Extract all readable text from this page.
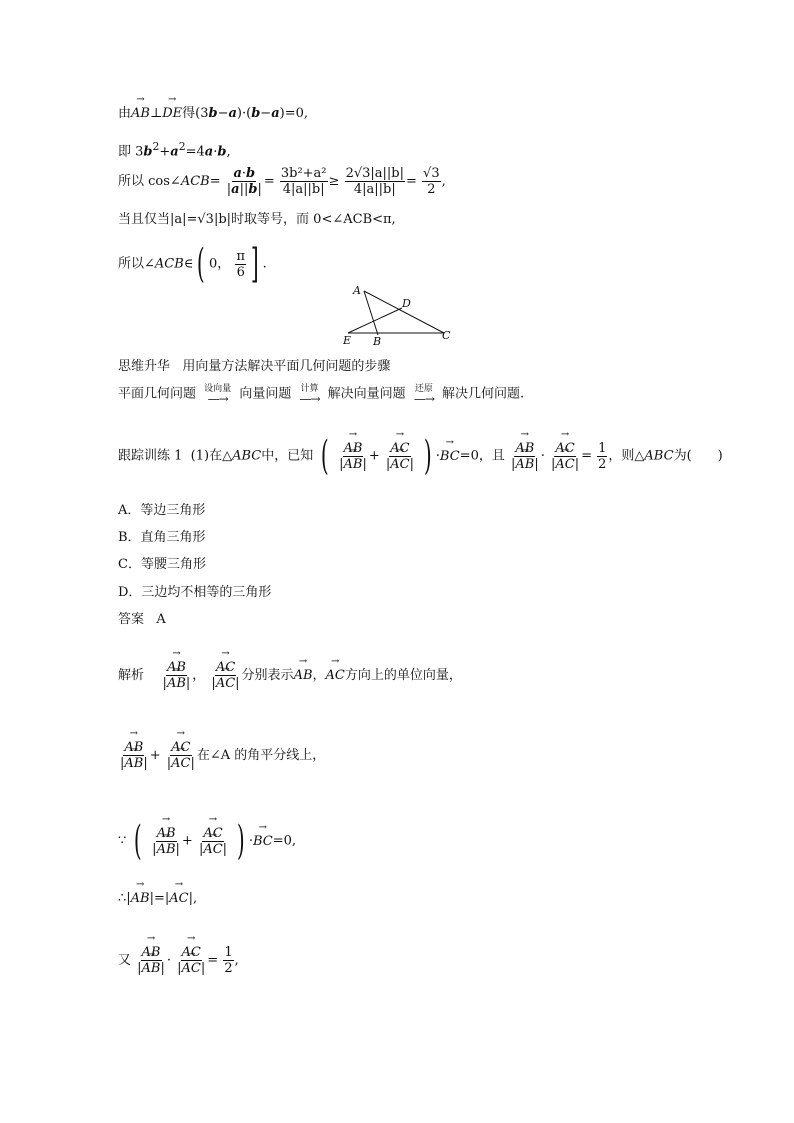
由→ AB⊥→ DE得(3b−a)·(b−a)=0,
即 $3b^2+a^2=4a\cdot b$,
所以 cos∠ACB= $\frac{a\cdot b}{|a||b|} = \frac{\text{3b²+a²}}{4|a||b|} \ge \frac{2√3|a||b|}{4|a||b|} = \frac{√3}{2}$ ,
当且仅当|a|=√3|b|时取等号，而 0<∠ACB<π,
所以∠ACB∈( 0， $\frac{\pi}{6}$ ] .
A
D
C
E B
思维升华 用向量方法解决平面几何问题的步骤
平面几何问题 设向量
—→ 向量问题 计算
—→ 解决向量问题 还原
—→ 解决几何问题.
跟踪训练 1 (1)在△ABC中，已知 ( → $\frac{AB}{|\to AB|}$ + → $\frac{AC}{|\to AC|}$ ) ·→ BC=0，且 → $\frac{AB}{|\to AB|}$ · → $\frac{AC}{|\to AC|} = \frac{1}{2}$ ，则△ABC为(　　)
A．等边三角形
B．直角三角形
C．等腰三角形
D．三边均不相等的三角形
答案 A
解析 → $\frac{AB}{|\to AB|}$ ， → $\frac{AC}{|\to AC|}$ 分别表示→ AB，→ AC方向上的单位向量，
→ $\frac{AB}{|\to AB|}$ + → $\frac{AC}{|\to AC|}$ 在∠A 的角平分线上，
∵ ( → $\frac{AB}{|\to AB|}$ + → $\frac{AC}{|\to AC|}$ ) ·→ BC=0,
∴|→ AB|=|→ AC|,
又 → $\frac{AB}{|\to AB|}$ · → $\frac{AC}{|\to AC|} = \frac{1}{2}$ ,
